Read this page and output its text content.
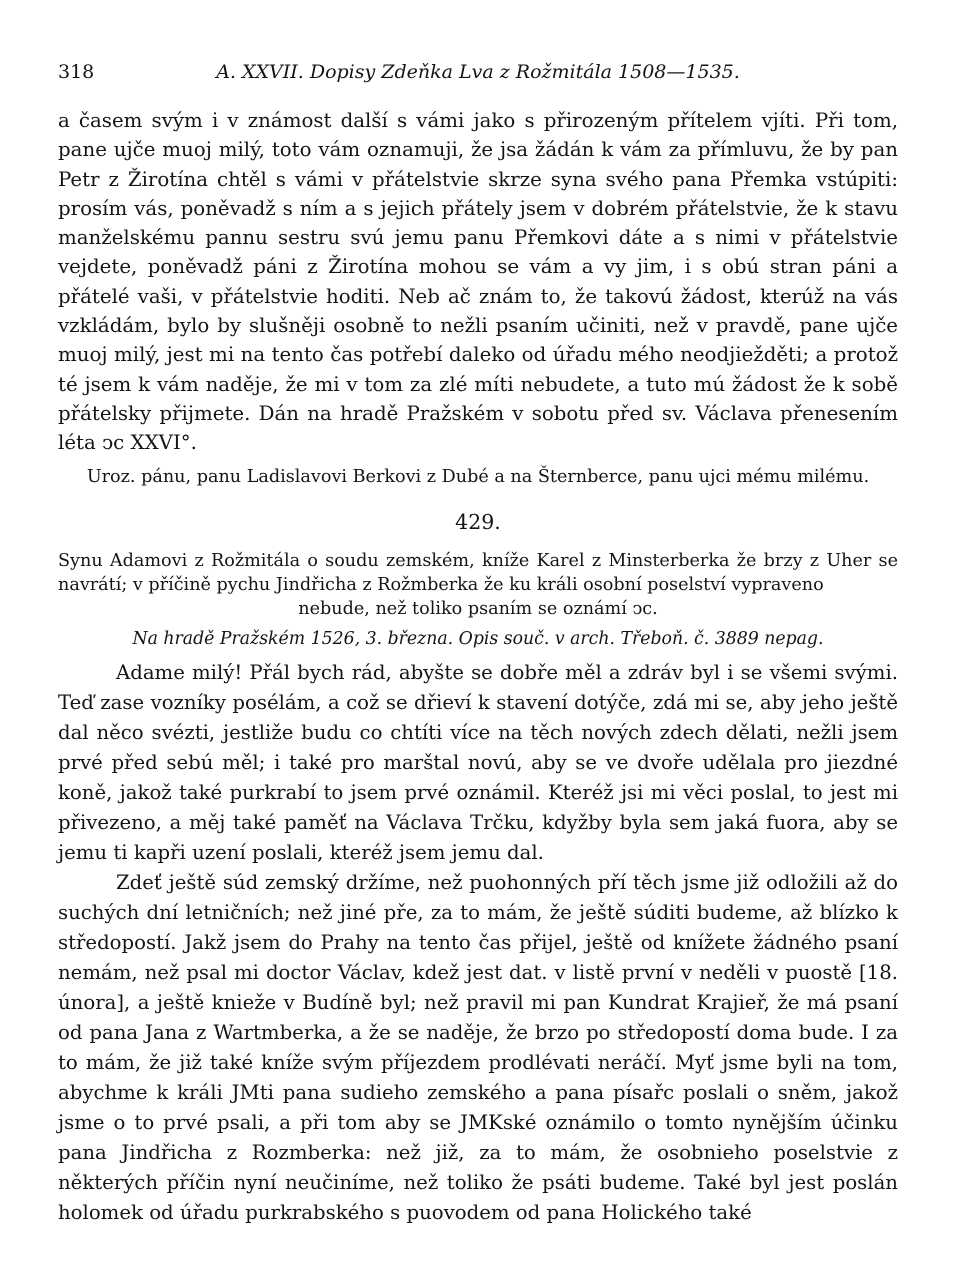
318	A. XXVII. Dopisy Zdeňka Lva z Rožmitála 1508—1535.

a časem svým i v známost další s vámi jako s přirozeným přítelem vjíti. Při tom, pane ujče muoj milý, toto vám oznamuji, že jsa žádán k vám za přímluvu, že by pan Petr z Žirotína chtěl s vámi v přátelstvie skrze syna svého pana Přemka vstúpiti: prosím vás, poněvadž s ním a s jejich přátely jsem v dobrém přátelstvie, že k stavu manželskému pannu sestru svú jemu panu Přemkovi dáte a s nimi v přátelstvie vejdete, poněvadž páni z Žirotína mohou se vám a vy jim, i s obú stran páni a přátelé vaši, v přátelstvie hoditi. Neb ač znám to, že takovú žádost, kterúž na vás vzkládám, bylo by slušněji osobně to nežli psaním učiniti, než v pravdě, pane ujče muoj milý, jest mi na tento čas potřebí daleko od úřadu mého neodjiežděti; a protož té jsem k vám naděje, že mi v tom za zlé míti nebudete, a tuto mú žádost že k sobě přátelsky přijmete. Dán na hradě Pražském v sobotu před sv. Václava přenesením léta ↄc XXVI°.

Uroz. pánu, panu Ladislavovi Berkovi z Dubé a na Šternberce, panu ujci mému milému.

429.

Synu Adamovi z Rožmitála o soudu zemském, kníže Karel z Minsterberka že brzy z Uher se navrátí; v příčině pychu Jindřicha z Rožmberka že ku králi osobní poselství vypraveno

nebude, než toliko psaním se oznámí ↄc.

Na hradě Pražském 1526, 3. března. Opis souč. v arch. Třeboň. č. 3889 nepag.

Adame milý! Přál bych rád, abyšte se dobře měl a zdráv byl i se všemi svými. Teď zase vozníky posélám, a což se dřieví k stavení dotýče, zdá mi se, aby jeho ještě dal něco svézti, jestliže budu co chtíti více na těch nových zdech dělati, nežli jsem prvé před sebú měl; i také pro marštal novú, aby se ve dvoře udělala pro jiezdné koně, jakož také purkrabí to jsem prvé oznámil. Kteréž jsi mi věci poslal, to jest mi přivezeno, a měj také paměť na Václava Trčku, kdyžby byla sem jaká fuora, aby se jemu ti kapři uzení poslali, kteréž jsem jemu dal.

Zdeť ještě súd zemský držíme, než puohonných pří těch jsme již odložili až do suchých dní letničních; než jiné pře, za to mám, že ještě súditi budeme, až blízko k středopostí. Jakž jsem do Prahy na tento čas přijel, ještě od knížete žádného psaní nemám, než psal mi doctor Václav, kdež jest dat. v listě první v neděli v puostě [18. února], a ještě knieže v Budíně byl; než pravil mi pan Kundrat Krajieř, že má psaní od pana Jana z Wartmberka, a že se naděje, že brzo po středopostí doma bude. I za to mám, že již také kníže svým příjezdem prodlévati neráčí. Myť jsme byli na tom, abychme k králi JMti pana sudieho zemského a pana písařc poslali o sněm, jakož jsme o to prvé psali, a při tom aby se JMKské oznámilo o tomto nynějším účinku pana Jindřicha z Rozmberka: než již, za to mám, že osobnieho poselstvie z některých příčin nyní neučiníme, než toliko že psáti budeme. Také byl jest poslán holomek od úřadu purkrabského s puovodem od pana Holického také
